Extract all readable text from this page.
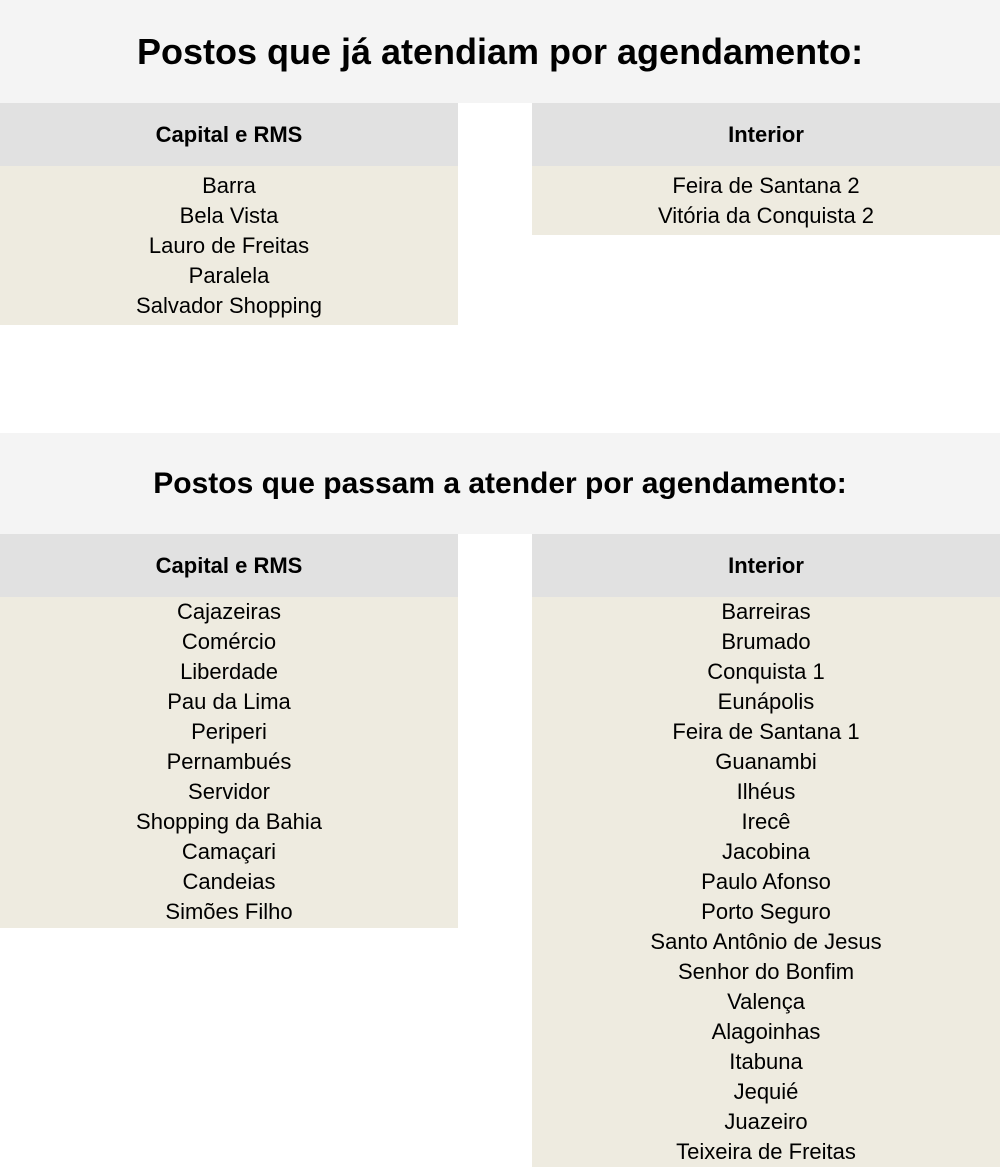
Postos que já atendiam por agendamento:
Capital e RMS
Barra
Bela Vista
Lauro de Freitas
Paralela
Salvador Shopping
Interior
Feira de Santana 2
Vitória da Conquista 2
Postos que passam a atender por agendamento:
Capital e RMS
Cajazeiras
Comércio
Liberdade
Pau da Lima
Periperi
Pernambués
Servidor
Shopping da Bahia
Camaçari
Candeias
Simões Filho
Interior
Barreiras
Brumado
Conquista 1
Eunápolis
Feira de Santana 1
Guanambi
Ilhéus
Irecê
Jacobina
Paulo Afonso
Porto Seguro
Santo Antônio de Jesus
Senhor do Bonfim
Valença
Alagoinhas
Itabuna
Jequié
Juazeiro
Teixeira de Freitas
